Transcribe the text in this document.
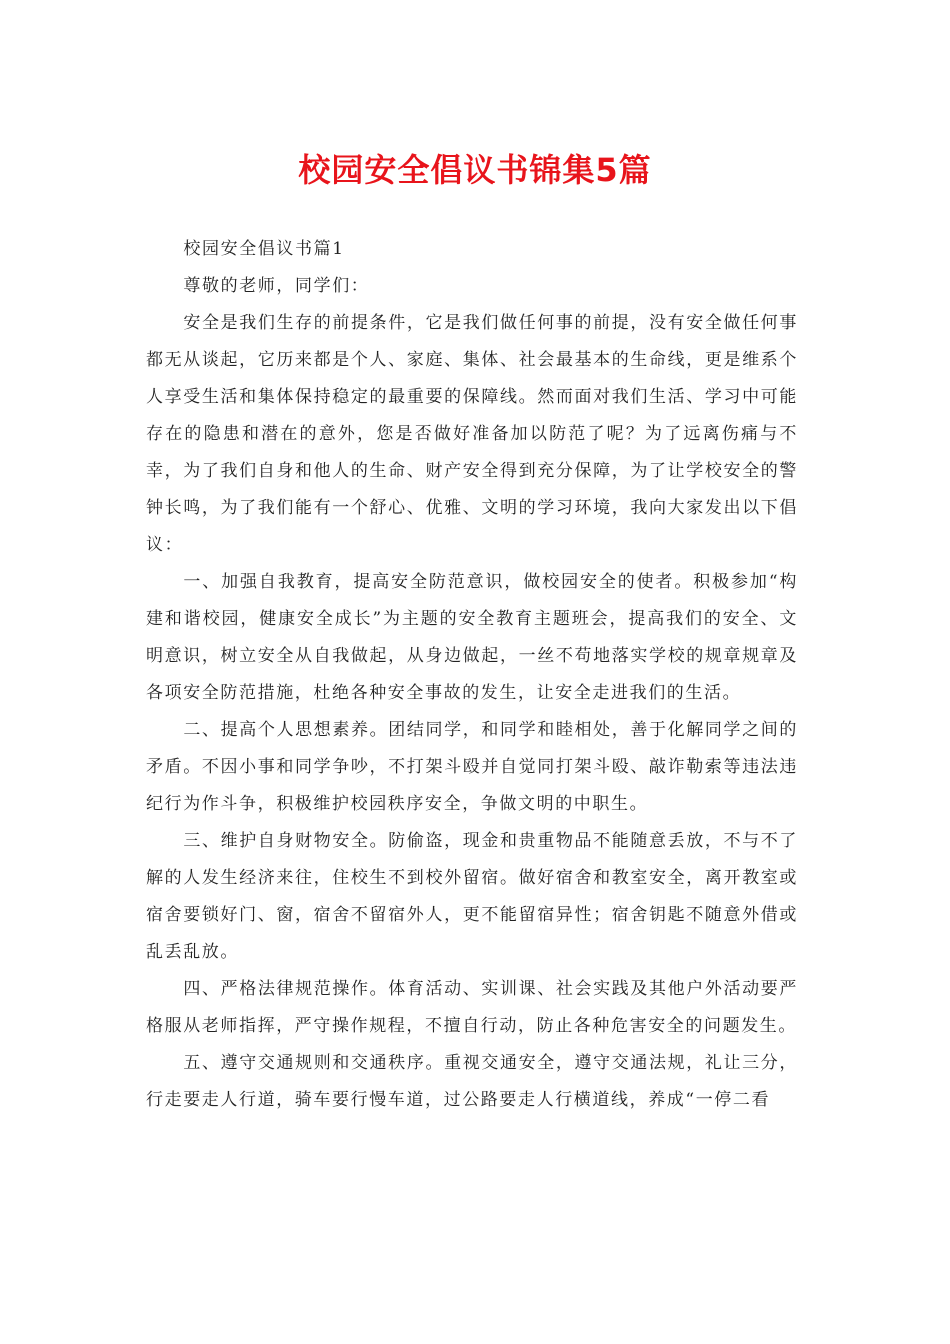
校园安全倡议书锦集5篇

校园安全倡议书篇1

尊敬的老师，同学们：

安全是我们生存的前提条件，它是我们做任何事的前提，没有安全做任何事都无从谈起，它历来都是个人、家庭、集体、社会最基本的生命线，更是维系个人享受生活和集体保持稳定的最重要的保障线。然而面对我们生活、学习中可能存在的隐患和潜在的意外，您是否做好准备加以防范了呢？为了远离伤痛与不幸，为了我们自身和他人的生命、财产安全得到充分保障，为了让学校安全的警钟长鸣，为了我们能有一个舒心、优雅、文明的学习环境，我向大家发出以下倡议：

一、加强自我教育，提高安全防范意识，做校园安全的使者。积极参加“构建和谐校园，健康安全成长”为主题的安全教育主题班会，提高我们的安全、文明意识，树立安全从自我做起，从身边做起，一丝不苟地落实学校的规章规章及各项安全防范措施，杜绝各种安全事故的发生，让安全走进我们的生活。

二、提高个人思想素养。团结同学，和同学和睦相处，善于化解同学之间的矛盾。不因小事和同学争吵，不打架斗殴并自觉同打架斗殴、敲诈勒索等违法违纪行为作斗争，积极维护校园秩序安全，争做文明的中职生。

三、维护自身财物安全。防偷盗，现金和贵重物品不能随意丢放，不与不了解的人发生经济来往，住校生不到校外留宿。做好宿舍和教室安全，离开教室或宿舍要锁好门、窗，宿舍不留宿外人，更不能留宿异性；宿舍钥匙不随意外借或乱丢乱放。

四、严格法律规范操作。体育活动、实训课、社会实践及其他户外活动要严格服从老师指挥，严守操作规程，不擅自行动，防止各种危害安全的问题发生。

五、遵守交通规则和交通秩序。重视交通安全，遵守交通法规，礼让三分，行走要走人行道，骑车要行慢车道，过公路要走人行横道线，养成“一停二看
